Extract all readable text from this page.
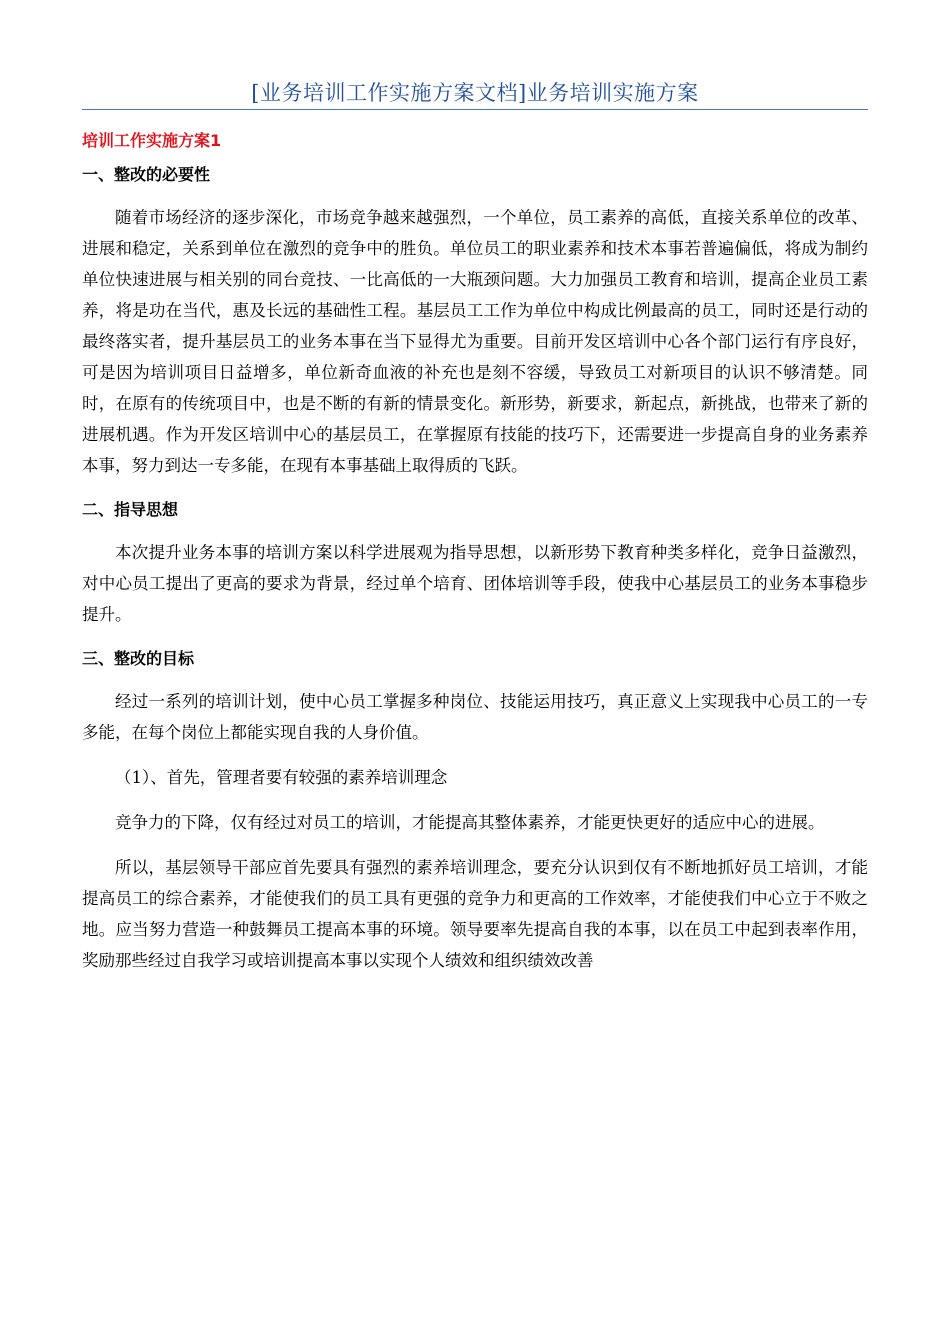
[业务培训工作实施方案文档]业务培训实施方案
培训工作实施方案1
一、整改的必要性

随着市场经济的逐步深化，市场竞争越来越强烈，一个单位，员工素养的高低，直接关系单位的改革、进展和稳定，关系到单位在激烈的竞争中的胜负。单位员工的职业素养和技术本事若普遍偏低，将成为制约单位快速进展与相关别的同台竞技、一比高低的一大瓶颈问题。大力加强员工教育和培训，提高企业员工素养，将是功在当代，惠及长远的基础性工程。基层员工工作为单位中构成比例最高的员工，同时还是行动的最终落实者，提升基层员工的业务本事在当下显得尤为重要。目前开发区培训中心各个部门运行有序良好，可是因为培训项目日益增多，单位新奇血液的补充也是刻不容缓，导致员工对新项目的认识不够清楚。同时，在原有的传统项目中，也是不断的有新的情景变化。新形势，新要求，新起点，新挑战，也带来了新的进展机遇。作为开发区培训中心的基层员工，在掌握原有技能的技巧下，还需要进一步提高自身的业务素养本事，努力到达一专多能，在现有本事基础上取得质的飞跃。

二、指导思想

本次提升业务本事的培训方案以科学进展观为指导思想，以新形势下教育种类多样化，竞争日益激烈，对中心员工提出了更高的要求为背景，经过单个培育、团体培训等手段，使我中心基层员工的业务本事稳步提升。

三、整改的目标

经过一系列的培训计划，使中心员工掌握多种岗位、技能运用技巧，真正意义上实现我中心员工的一专多能，在每个岗位上都能实现自我的人身价值。

（1）、首先，管理者要有较强的素养培训理念

竞争力的下降，仅有经过对员工的培训，才能提高其整体素养，才能更快更好的适应中心的进展。

所以，基层领导干部应首先要具有强烈的素养培训理念，要充分认识到仅有不断地抓好员工培训，才能提高员工的综合素养，才能使我们的员工具有更强的竞争力和更高的工作效率，才能使我们中心立于不败之地。应当努力营造一种鼓舞员工提高本事的环境。领导要率先提高自我的本事，以在员工中起到表率作用，奖励那些经过自我学习或培训提高本事以实现个人绩效和组织绩效改善
